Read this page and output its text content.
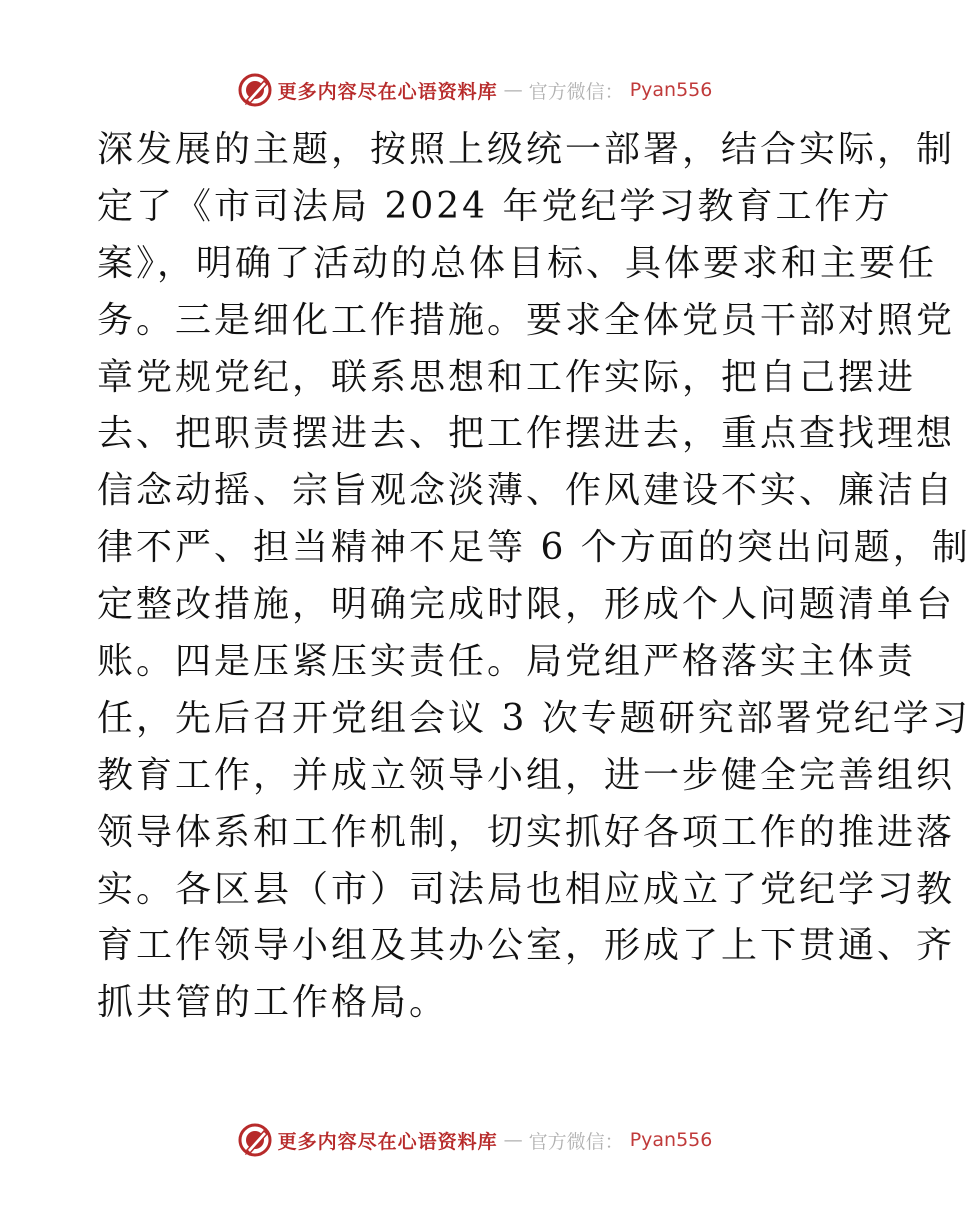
更多内容尽在心语资料库 — 官方微信： Pyan556
深发展的主题，按照上级统一部署，结合实际，制
定了《市司法局 2024 年党纪学习教育工作方
案》，明确了活动的总体目标、具体要求和主要任
务。三是细化工作措施。要求全体党员干部对照党
章党规党纪，联系思想和工作实际，把自己摆进
去、把职责摆进去、把工作摆进去，重点查找理想
信念动摇、宗旨观念淡薄、作风建设不实、廉洁自
律不严、担当精神不足等 6 个方面的突出问题，制
定整改措施，明确完成时限，形成个人问题清单台
账。四是压紧压实责任。局党组严格落实主体责
任，先后召开党组会议 3 次专题研究部署党纪学习
教育工作，并成立领导小组，进一步健全完善组织
领导体系和工作机制，切实抓好各项工作的推进落
实。各区县（市）司法局也相应成立了党纪学习教
育工作领导小组及其办公室，形成了上下贯通、齐
抓共管的工作格局。
更多内容尽在心语资料库 — 官方微信： Pyan556
